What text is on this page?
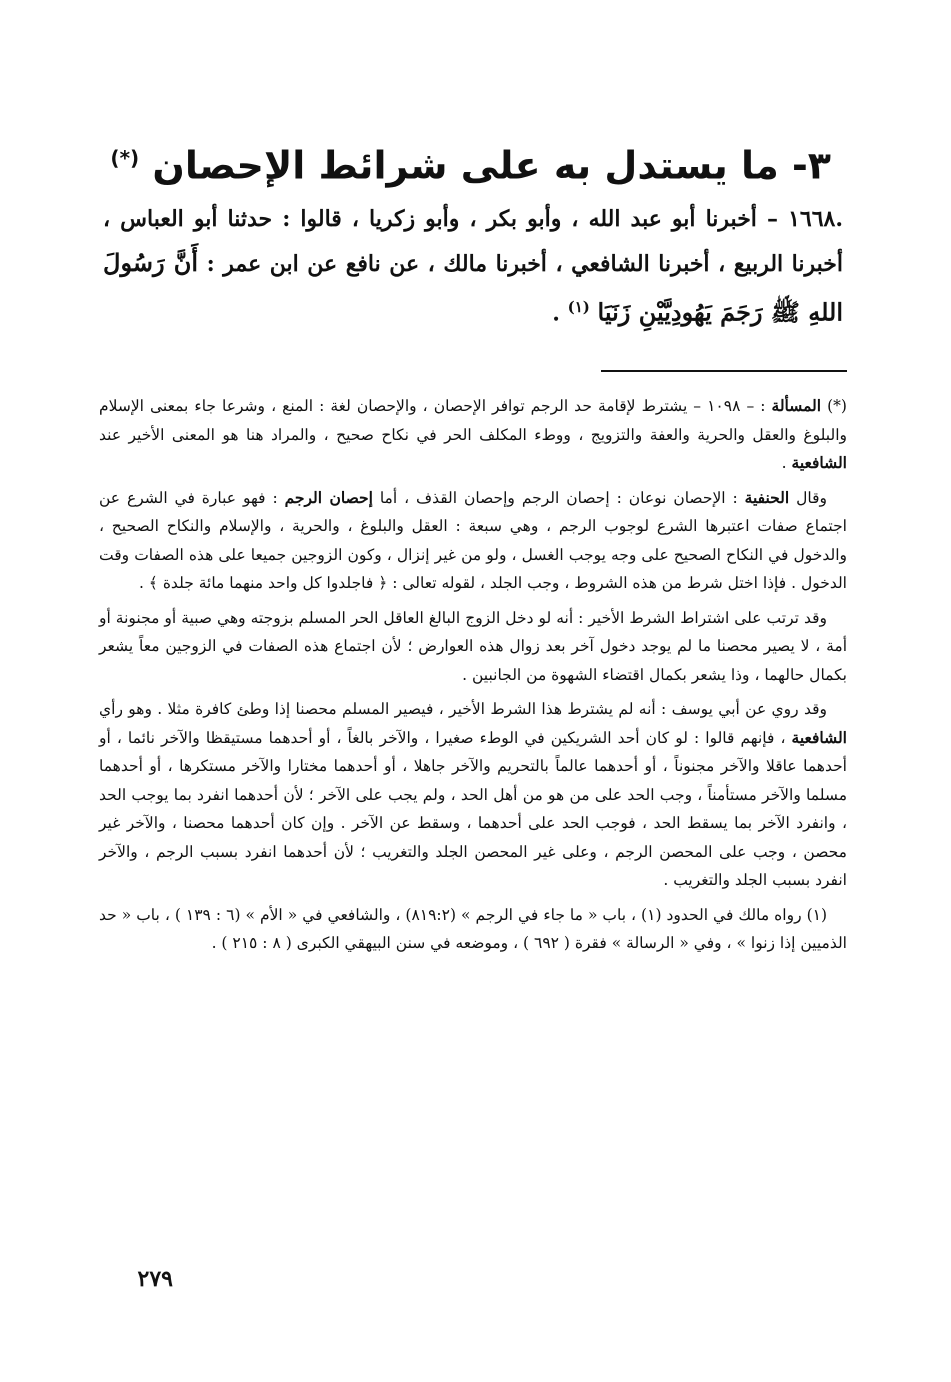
٣- ما يستدل به على شرائط الإحصان (*)
.١٦٦٨ – أخبرنا أبو عبد الله ، وأبو بكر ، وأبو زكريا ، قالوا : حدثنا أبو العباس ، أخبرنا الربيع ، أخبرنا الشافعي ، أخبرنا مالك ، عن نافع عن ابن عمر : أَنَّ رَسُولَ اللهِ ﷺ رَجَمَ يَهُودِيَّيْنِ زَنَيَا $^{(١)}$ .

(*) المسألة : – ١٠٩٨ – يشترط لإقامة حد الرجم توافر الإحصان ، والإحصان لغة : المنع ، وشرعا جاء بمعنى الإسلام والبلوغ والعقل والحرية والعفة والتزويج ، ووطء المكلف الحر في نكاح صحيح ، والمراد هنا هو المعنى الأخير عند الشافعية .

وقال الحنفية : الإحصان نوعان : إحصان الرجم وإحصان القذف ، أما إحصان الرجم : فهو عبارة في الشرع عن اجتماع صفات اعتبرها الشرع لوجوب الرجم ، وهي سبعة : العقل والبلوغ ، والحرية ، والإسلام والنكاح الصحيح ، والدخول في النكاح الصحيح على وجه يوجب الغسل ، ولو من غير إنزال ، وكون الزوجين جميعا على هذه الصفات وقت الدخول . فإذا اختل شرط من هذه الشروط ، وجب الجلد ، لقوله تعالى : ﴿ فاجلدوا كل واحد منهما مائة جلدة ﴾ .

وقد ترتب على اشتراط الشرط الأخير : أنه لو دخل الزوج البالغ العاقل الحر المسلم بزوجته وهي صبية أو مجنونة أو أمة ، لا يصير محصنا ما لم يوجد دخول آخر بعد زوال هذه العوارض ؛ لأن اجتماع هذه الصفات في الزوجين معاً يشعر بكمال حالهما ، وذا يشعر بكمال اقتضاء الشهوة من الجانبين .

وقد روي عن أبي يوسف : أنه لم يشترط هذا الشرط الأخير ، فيصير المسلم محصنا إذا وطئ كافرة مثلا . وهو رأي الشافعية ، فإنهم قالوا : لو كان أحد الشريكين في الوطء صغيرا ، والآخر بالغاً ، أو أحدهما مستيقظا والآخر نائما ، أو أحدهما عاقلا والآخر مجنوناً ، أو أحدهما عالماً بالتحريم والآخر جاهلا ، أو أحدهما مختارا والآخر مستكرها ، أو أحدهما مسلما والآخر مستأمناً ، وجب الحد على من هو من أهل الحد ، ولم يجب على الآخر ؛ لأن أحدهما انفرد بما يوجب الحد ، وانفرد الآخر بما يسقط الحد ، فوجب الحد على أحدهما ، وسقط عن الآخر . وإن كان أحدهما محصنا ، والآخر غير محصن ، وجب على المحصن الرجم ، وعلى غير المحصن الجلد والتغريب ؛ لأن أحدهما انفرد بسبب الرجم ، والآخر انفرد بسبب الجلد والتغريب .

(١) رواه مالك في الحدود (١) ، باب « ما جاء في الرجم » (٨١٩:٢) ، والشافعي في « الأم » (٦ : ١٣٩ ) ، باب « حد الذميين إذا زنوا » ، وفي « الرسالة » فقرة ( ٦٩٢ ) ، وموضعه في سنن البيهقي الكبرى ( ٨ : ٢١٥ ) .

٢٧٩
